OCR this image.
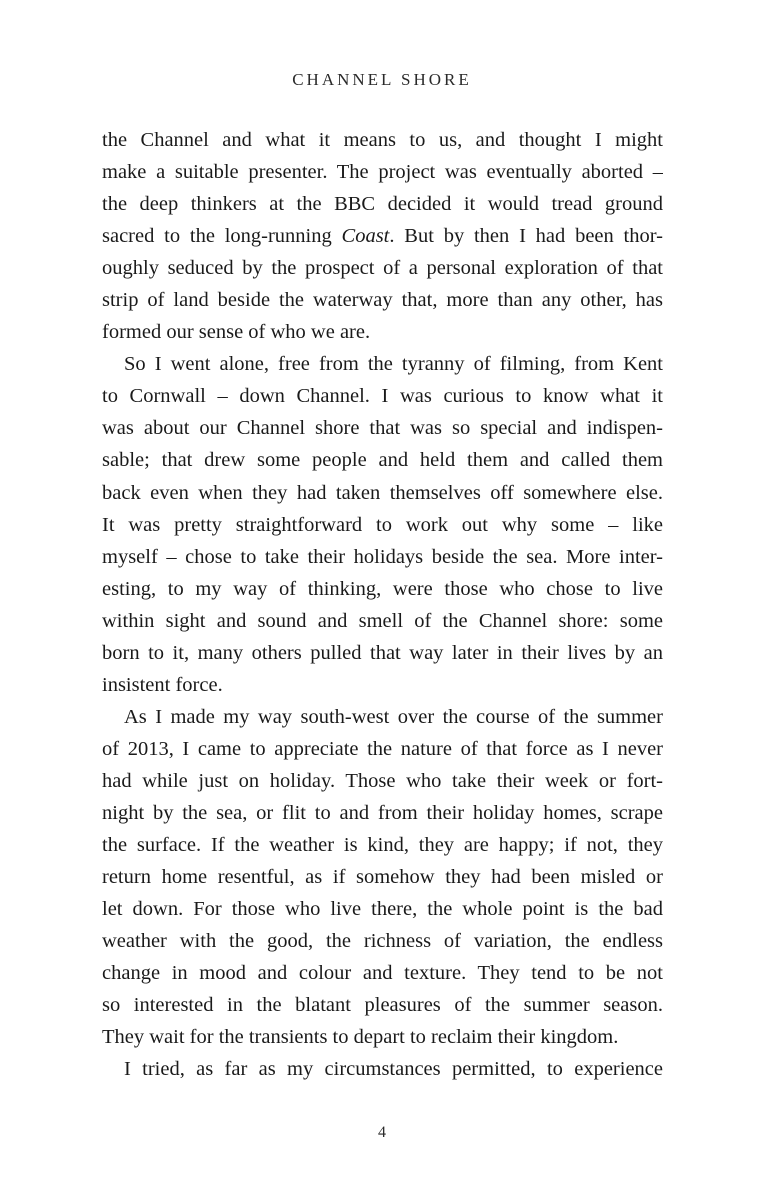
CHANNEL SHORE
the Channel and what it means to us, and thought I might
make a suitable presenter. The project was eventually aborted –
the deep thinkers at the BBC decided it would tread ground
sacred to the long-running Coast. But by then I had been thor-
oughly seduced by the prospect of a personal exploration of that
strip of land beside the waterway that, more than any other, has
formed our sense of who we are.
So I went alone, free from the tyranny of filming, from Kent
to Cornwall – down Channel. I was curious to know what it
was about our Channel shore that was so special and indispen-
sable; that drew some people and held them and called them
back even when they had taken themselves off somewhere else.
It was pretty straightforward to work out why some – like
myself – chose to take their holidays beside the sea. More inter-
esting, to my way of thinking, were those who chose to live
within sight and sound and smell of the Channel shore: some
born to it, many others pulled that way later in their lives by an
insistent force.
As I made my way south-west over the course of the summer
of 2013, I came to appreciate the nature of that force as I never
had while just on holiday. Those who take their week or fort-
night by the sea, or flit to and from their holiday homes, scrape
the surface. If the weather is kind, they are happy; if not, they
return home resentful, as if somehow they had been misled or
let down. For those who live there, the whole point is the bad
weather with the good, the richness of variation, the endless
change in mood and colour and texture. They tend to be not
so interested in the blatant pleasures of the summer season.
They wait for the transients to depart to reclaim their kingdom.
I tried, as far as my circumstances permitted, to experience
4
